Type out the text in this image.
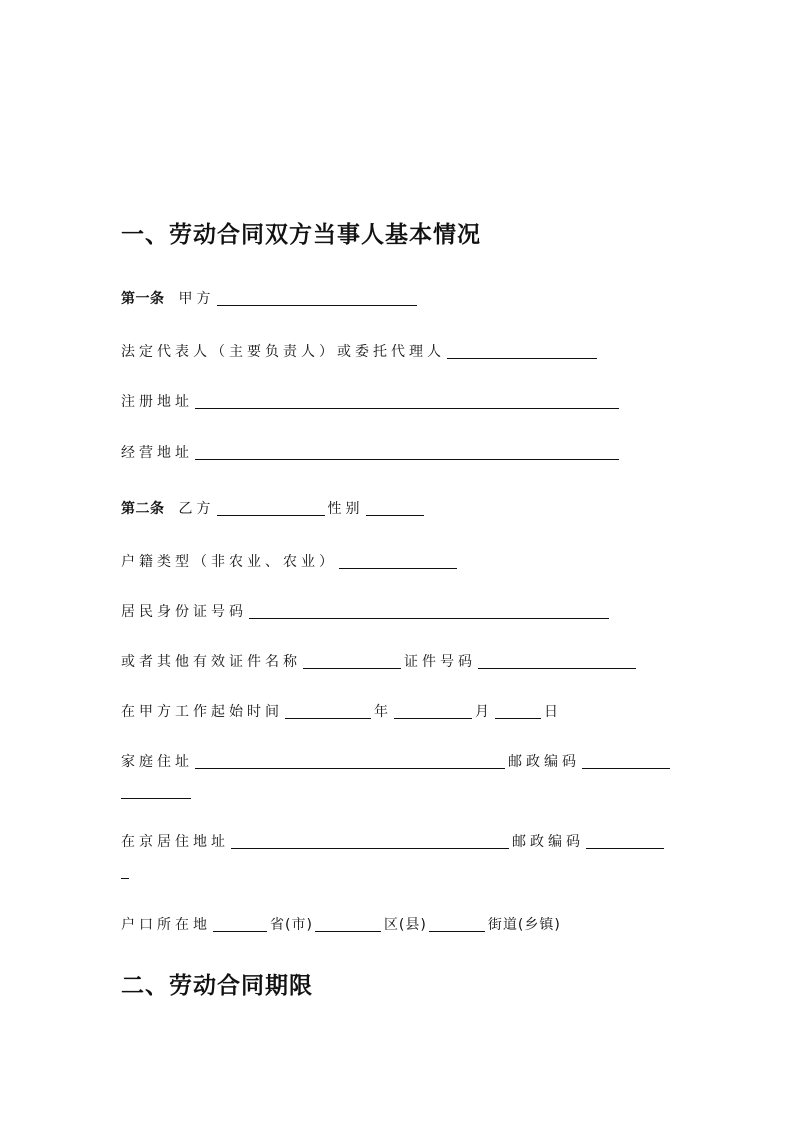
一、劳动合同双方当事人基本情况
第一条 甲方
法定代表人（主要负责人）或委托代理人
注册地址
经营地址
第二条 乙方	性别
户籍类型（非农业、农业）
居民身份证号码
或者其他有效证件名称	证件号码
在甲方工作起始时间	年	月	日
家庭住址	邮政编码
在京居住地址	邮政编码
户口所在地	省(市)	区(县)	街道(乡镇)
二、劳动合同期限
